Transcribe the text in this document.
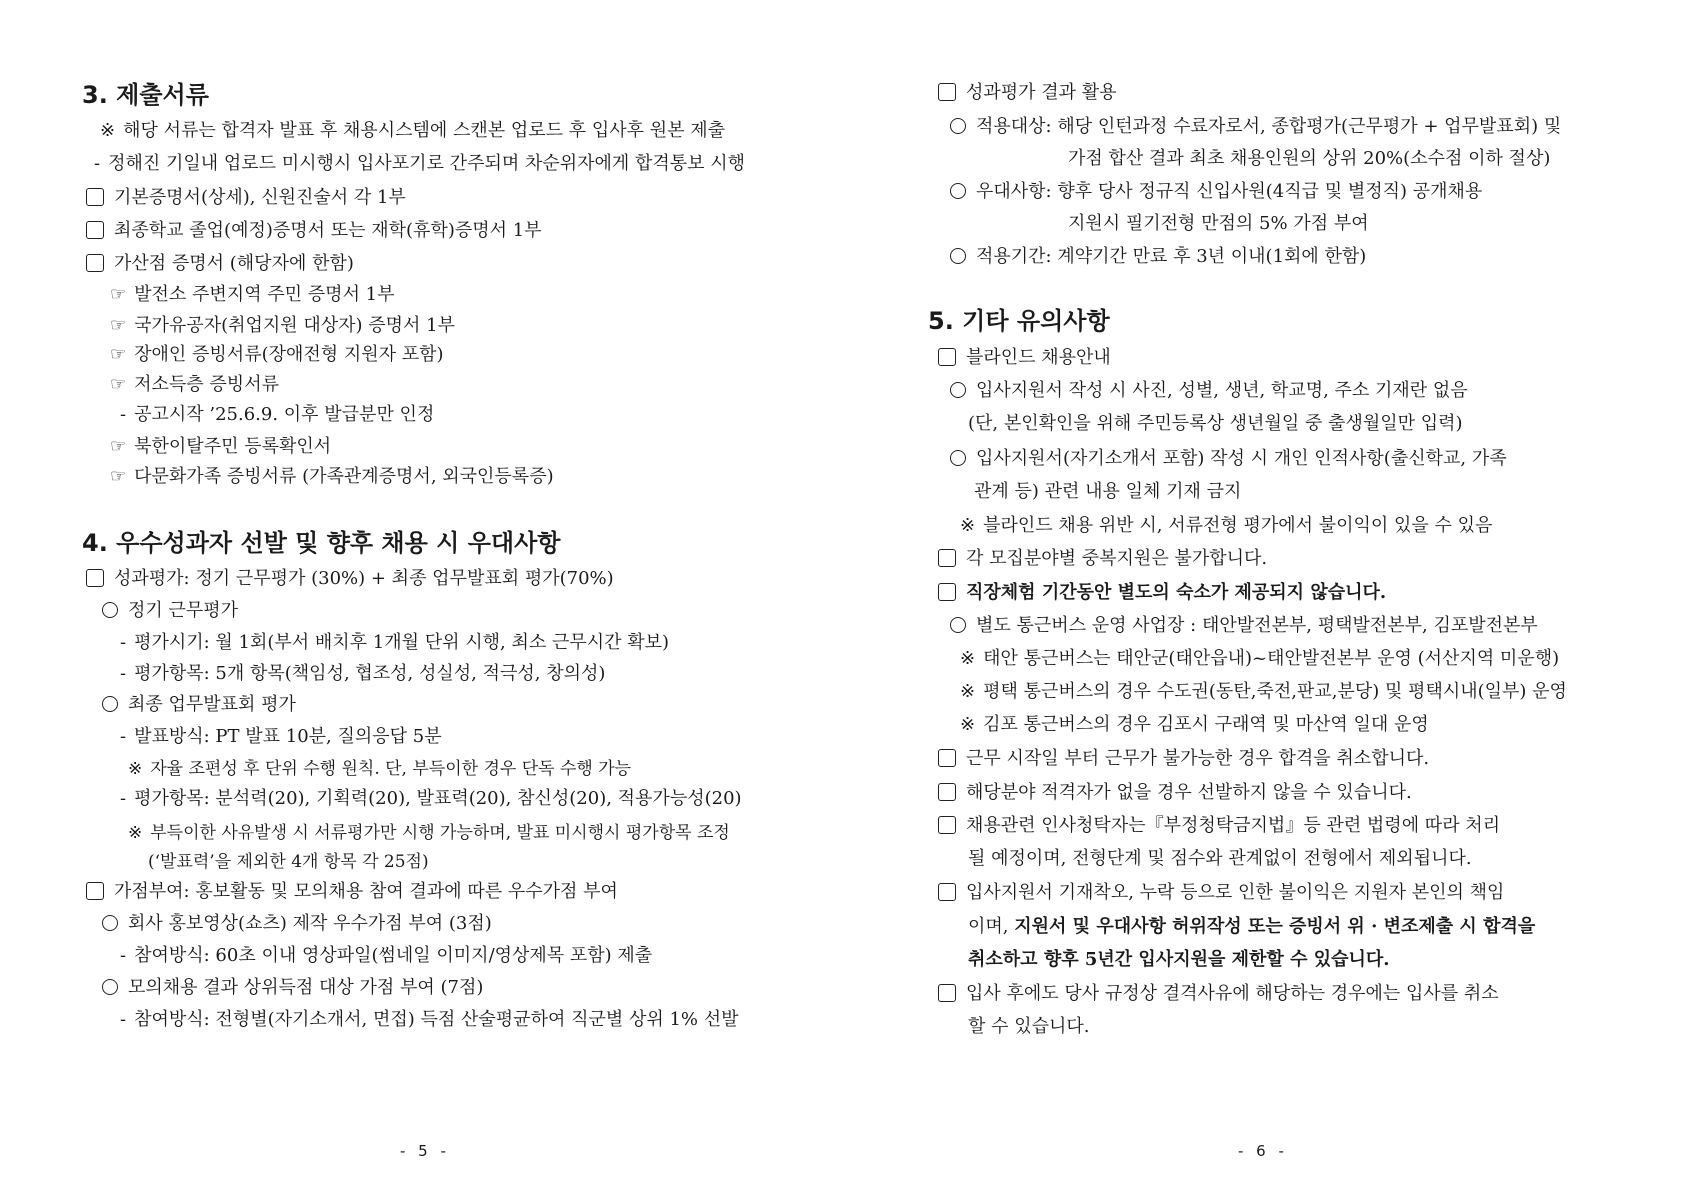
3. 제출서류
※ 해당 서류는 합격자 발표 후 채용시스템에 스캔본 업로드 후 입사후 원본 제출
- 정해진 기일내 업로드 미시행시 입사포기로 간주되며 차순위자에게 합격통보 시행
기본증명서(상세), 신원진술서 각 1부
최종학교 졸업(예정)증명서 또는 재학(휴학)증명서 1부
가산점 증명서 (해당자에 한함)
☞ 발전소 주변지역 주민 증명서 1부
☞ 국가유공자(취업지원 대상자) 증명서 1부
☞ 장애인 증빙서류(장애전형 지원자 포함)
☞ 저소득층 증빙서류
- 공고시작 ’25.6.9. 이후 발급분만 인정
☞ 북한이탈주민 등록확인서
☞ 다문화가족 증빙서류 (가족관계증명서, 외국인등록증)
4. 우수성과자 선발 및 향후 채용 시 우대사항
성과평가: 정기 근무평가 (30%) + 최종 업무발표회 평가(70%)
정기 근무평가
- 평가시기: 월 1회(부서 배치후 1개월 단위 시행, 최소 근무시간 확보)
- 평가항목: 5개 항목(책임성, 협조성, 성실성, 적극성, 창의성)
최종 업무발표회 평가
- 발표방식: PT 발표 10분, 질의응답 5분
※ 자율 조편성 후 단위 수행 원칙. 단, 부득이한 경우 단독 수행 가능
- 평가항목: 분석력(20), 기획력(20), 발표력(20), 참신성(20), 적용가능성(20)
※ 부득이한 사유발생 시 서류평가만 시행 가능하며, 발표 미시행시 평가항목 조정
(‘발표력’을 제외한 4개 항목 각 25점)
가점부여: 홍보활동 및 모의채용 참여 결과에 따른 우수가점 부여
회사 홍보영상(쇼츠) 제작 우수가점 부여 (3점)
- 참여방식: 60초 이내 영상파일(썸네일 이미지/영상제목 포함) 제출
모의채용 결과 상위득점 대상 가점 부여 (7점)
- 참여방식: 전형별(자기소개서, 면접) 득점 산술평균하여 직군별 상위 1% 선발
- 5 -
성과평가 결과 활용
적용대상: 해당 인턴과정 수료자로서, 종합평가(근무평가 + 업무발표회) 및
가점 합산 결과 최초 채용인원의 상위 20%(소수점 이하 절상)
우대사항: 향후 당사 정규직 신입사원(4직급 및 별정직) 공개채용
지원시 필기전형 만점의 5% 가점 부여
적용기간: 계약기간 만료 후 3년 이내(1회에 한함)
5. 기타 유의사항
블라인드 채용안내
입사지원서 작성 시 사진, 성별, 생년, 학교명, 주소 기재란 없음
(단, 본인확인을 위해 주민등록상 생년월일 중 출생월일만 입력)
입사지원서(자기소개서 포함) 작성 시 개인 인적사항(출신학교, 가족
관계 등) 관련 내용 일체 기재 금지
※ 블라인드 채용 위반 시, 서류전형 평가에서 불이익이 있을 수 있음
각 모집분야별 중복지원은 불가합니다.
직장체험 기간동안 별도의 숙소가 제공되지 않습니다.
별도 통근버스 운영 사업장 : 태안발전본부, 평택발전본부, 김포발전본부
※ 태안 통근버스는 태안군(태안읍내)~태안발전본부 운영 (서산지역 미운행)
※ 평택 통근버스의 경우 수도권(동탄,죽전,판교,분당) 및 평택시내(일부) 운영
※ 김포 통근버스의 경우 김포시 구래역 및 마산역 일대 운영
근무 시작일 부터 근무가 불가능한 경우 합격을 취소합니다.
해당분야 적격자가 없을 경우 선발하지 않을 수 있습니다.
채용관련 인사청탁자는『부정청탁금지법』등 관련 법령에 따라 처리
될 예정이며, 전형단계 및 점수와 관계없이 전형에서 제외됩니다.
입사지원서 기재착오, 누락 등으로 인한 불이익은 지원자 본인의 책임
이며, 지원서 및 우대사항 허위작성 또는 증빙서 위 · 변조제출 시 합격을
취소하고 향후 5년간 입사지원을 제한할 수 있습니다.
입사 후에도 당사 규정상 결격사유에 해당하는 경우에는 입사를 취소
할 수 있습니다.
- 6 -
